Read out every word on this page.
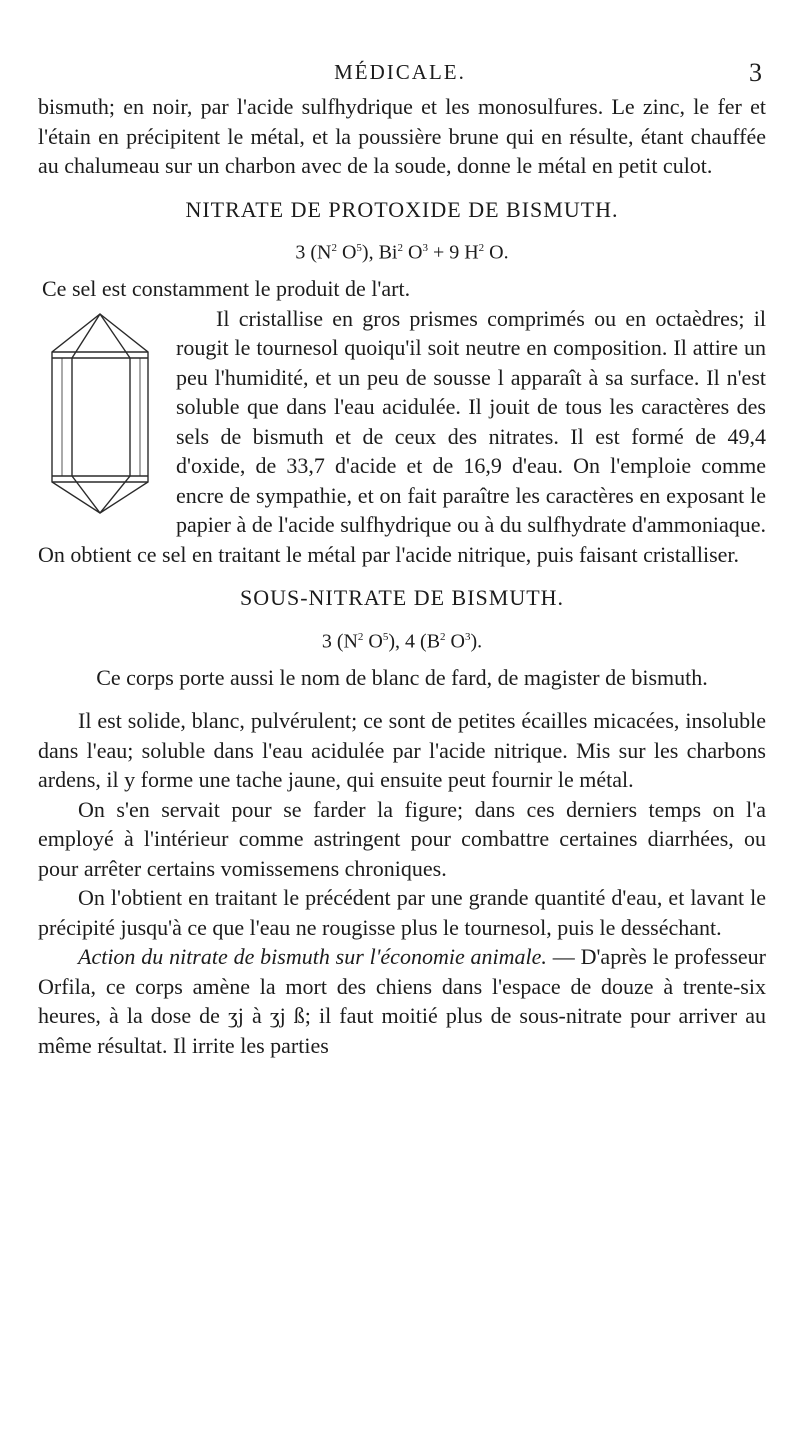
MÉDICALE.	3

bismuth; en noir, par l'acide sulfhydrique et les monosulfures. Le zinc, le fer et l'étain en précipitent le métal, et la poussière brune qui en résulte, étant chauffée au chalumeau sur un charbon avec de la soude, donne le métal en petit culot.

NITRATE DE PROTOXIDE DE BISMUTH.

3 ($N^2$ $O^5$), Bi$^2$ $O^3 + 9$ $H^2$ O.

Ce sel est constamment le produit de l'art.

Il cristallise en gros prismes comprimés ou en octaèdres; il rougit le tournesol quoiqu'il soit neutre en composition. Il attire un peu l'humidité, et un peu de sousse l apparaît à sa surface. Il n'est soluble que dans l'eau acidulée. Il jouit de tous les caractères des sels de bismuth et de ceux des nitrates. Il est formé de 49,4 d'oxide, de 33,7 d'acide et de 16,9 d'eau. On l'emploie comme encre de sympathie, et on fait paraître les caractères en exposant le papier à de l'acide sulfhydrique ou à du sulfhydrate d'ammoniaque. On obtient ce sel en traitant le métal par l'acide nitrique, puis faisant cristalliser.

SOUS-NITRATE DE BISMUTH.

3 ($N^2$ $O^5$), 4 ($B^2$ $O^3$).

Ce corps porte aussi le nom de blanc de fard, de magister de bismuth.

Il est solide, blanc, pulvérulent; ce sont de petites écailles micacées, insoluble dans l'eau; soluble dans l'eau acidulée par l'acide nitrique. Mis sur les charbons ardens, il y forme une tache jaune, qui ensuite peut fournir le métal.

On s'en servait pour se farder la figure; dans ces derniers temps on l'a employé à l'intérieur comme astringent pour combattre certaines diarrhées, ou pour arrêter certains vomissemens chroniques.

On l'obtient en traitant le précédent par une grande quantité d'eau, et lavant le précipité jusqu'à ce que l'eau ne rougisse plus le tournesol, puis le desséchant.

Action du nitrate de bismuth sur l'économie animale. — D'après le professeur Orfila, ce corps amène la mort des chiens dans l'espace de douze à trente-six heures, à la dose de ʒj à ʒj ß; il faut moitié plus de sous-nitrate pour arriver au même résultat. Il irrite les parties
